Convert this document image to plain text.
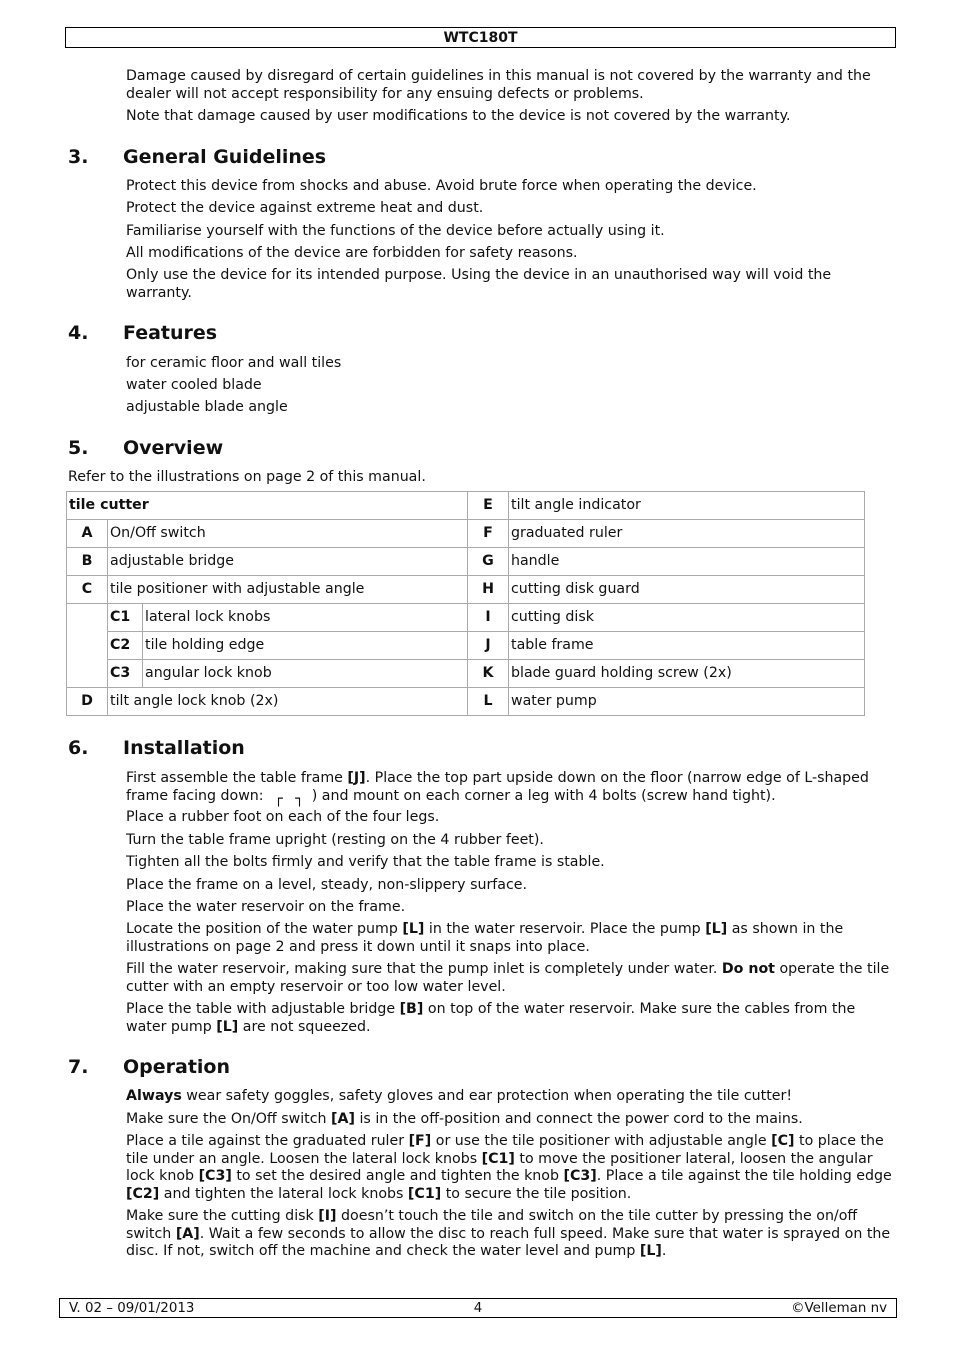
WTC180T
Damage caused by disregard of certain guidelines in this manual is not covered by the warranty and the dealer will not accept responsibility for any ensuing defects or problems.
Note that damage caused by user modifications to the device is not covered by the warranty.
3. General Guidelines
Protect this device from shocks and abuse. Avoid brute force when operating the device.
Protect the device against extreme heat and dust.
Familiarise yourself with the functions of the device before actually using it.
All modifications of the device are forbidden for safety reasons.
Only use the device for its intended purpose. Using the device in an unauthorised way will void the warranty.
4. Features
for ceramic floor and wall tiles
water cooled blade
adjustable blade angle
5. Overview
Refer to the illustrations on page 2 of this manual.
tile cutter			E	tilt angle indicator
A	On/Off switch		F	graduated ruler
B	adjustable bridge		G	handle
C	tile positioner with adjustable angle		H	cutting disk guard
	C1	lateral lock knobs	I	cutting disk
	C2	tile holding edge	J	table frame
	C3	angular lock knob	K	blade guard holding screw (2x)
D	tilt angle lock knob (2x)		L	water pump
6. Installation
First assemble the table frame [J]. Place the top part upside down on the floor (narrow edge of L-shaped frame facing down: ┌ ┐ ) and mount on each corner a leg with 4 bolts (screw hand tight).
Place a rubber foot on each of the four legs.
Turn the table frame upright (resting on the 4 rubber feet).
Tighten all the bolts firmly and verify that the table frame is stable.
Place the frame on a level, steady, non-slippery surface.
Place the water reservoir on the frame.
Locate the position of the water pump [L] in the water reservoir. Place the pump [L] as shown in the illustrations on page 2 and press it down until it snaps into place.
Fill the water reservoir, making sure that the pump inlet is completely under water. Do not operate the tile cutter with an empty reservoir or too low water level.
Place the table with adjustable bridge [B] on top of the water reservoir. Make sure the cables from the water pump [L] are not squeezed.
7. Operation
Always wear safety goggles, safety gloves and ear protection when operating the tile cutter!
Make sure the On/Off switch [A] is in the off-position and connect the power cord to the mains.
Place a tile against the graduated ruler [F] or use the tile positioner with adjustable angle [C] to place the tile under an angle. Loosen the lateral lock knobs [C1] to move the positioner lateral, loosen the angular lock knob [C3] to set the desired angle and tighten the knob [C3]. Place a tile against the tile holding edge [C2] and tighten the lateral lock knobs [C1] to secure the tile position.
Make sure the cutting disk [I] doesn’t touch the tile and switch on the tile cutter by pressing the on/off switch [A]. Wait a few seconds to allow the disc to reach full speed. Make sure that water is sprayed on the disc. If not, switch off the machine and check the water level and pump [L].
V. 02 – 09/01/2013	4	©Velleman nv
